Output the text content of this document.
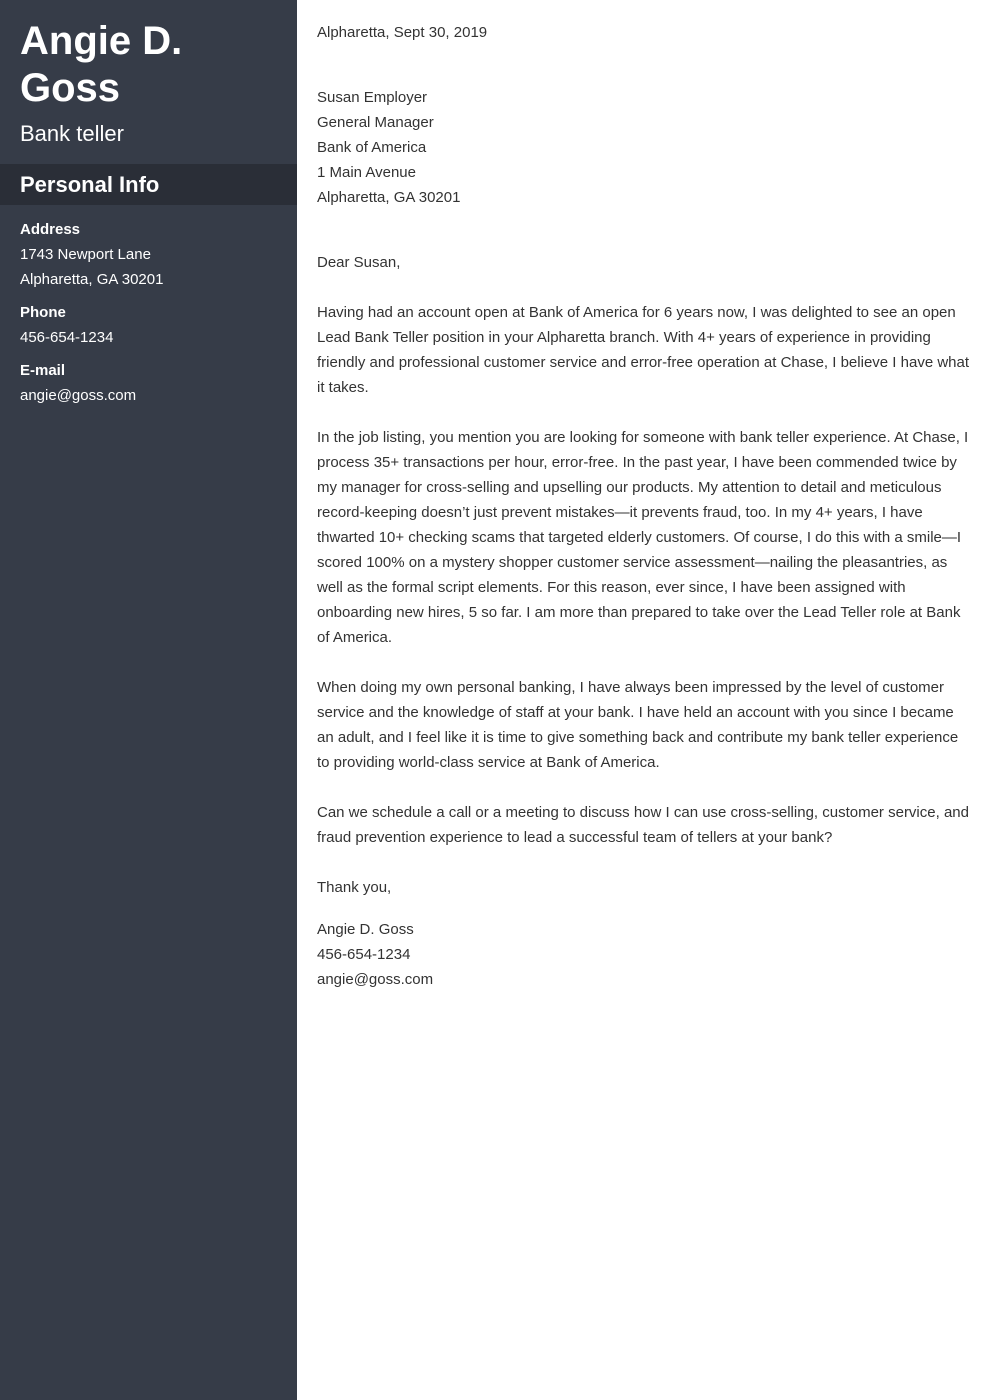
Angie D.
Goss
Bank teller
Personal Info
Address
1743 Newport Lane
Alpharetta, GA 30201
Phone
456-654-1234
E-mail
angie@goss.com

Alpharetta, Sept 30, 2019

Susan Employer

General Manager

Bank of America

1 Main Avenue

Alpharetta, GA 30201

Dear Susan,

Having had an account open at Bank of America for 6 years now, I was delighted to see an open Lead Bank Teller position in your Alpharetta branch. With 4+ years of experience in providing friendly and professional customer service and error-free operation at Chase, I believe I have what it takes.

In the job listing, you mention you are looking for someone with bank teller experience. At Chase, I process 35+ transactions per hour, error-free. In the past year, I have been commended twice by my manager for cross-selling and upselling our products. My attention to detail and meticulous record-keeping doesn’t just prevent mistakes—it prevents fraud, too. In my 4+ years, I have thwarted 10+ checking scams that targeted elderly customers. Of course, I do this with a smile—I scored 100% on a mystery shopper customer service assessment—nailing the pleasantries, as well as the formal script elements. For this reason, ever since, I have been assigned with onboarding new hires, 5 so far. I am more than prepared to take over the Lead Teller role at Bank of America.

When doing my own personal banking, I have always been impressed by the level of customer service and the knowledge of staff at your bank. I have held an account with you since I became an adult, and I feel like it is time to give something back and contribute my bank teller experience to providing world-class service at Bank of America.

Can we schedule a call or a meeting to discuss how I can use cross-selling, customer service, and fraud prevention experience to lead a successful team of tellers at your bank?

Thank you,

Angie D. Goss

456-654-1234

angie@goss.com
